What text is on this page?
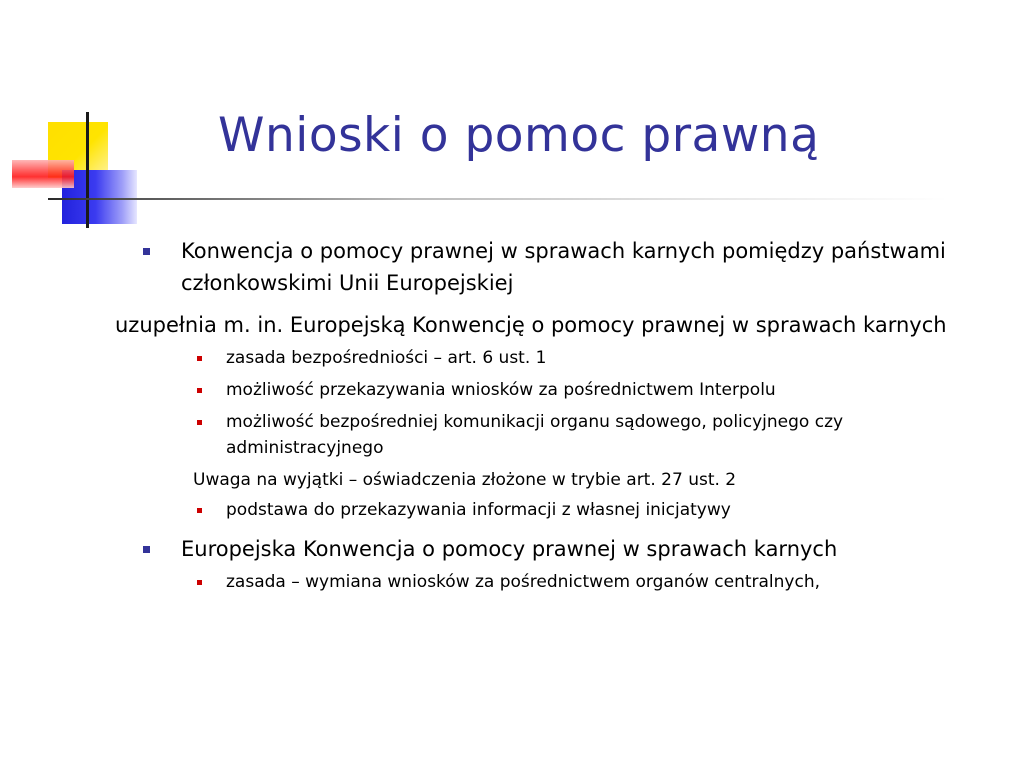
Wnioski o pomoc prawną
Konwencja o pomocy prawnej w sprawach karnych pomiędzy państwami członkowskimi Unii Europejskiej
uzupełnia m. in. Europejską Konwencję o pomocy prawnej w sprawach karnych
zasada bezpośredniości – art. 6 ust. 1
możliwość przekazywania wniosków za pośrednictwem Interpolu
możliwość bezpośredniej komunikacji organu sądowego, policyjnego czy administracyjnego
Uwaga na wyjątki – oświadczenia złożone w trybie art. 27 ust. 2
podstawa do przekazywania informacji z własnej inicjatywy
Europejska Konwencja o pomocy prawnej w sprawach karnych
zasada – wymiana wniosków za pośrednictwem organów centralnych,
